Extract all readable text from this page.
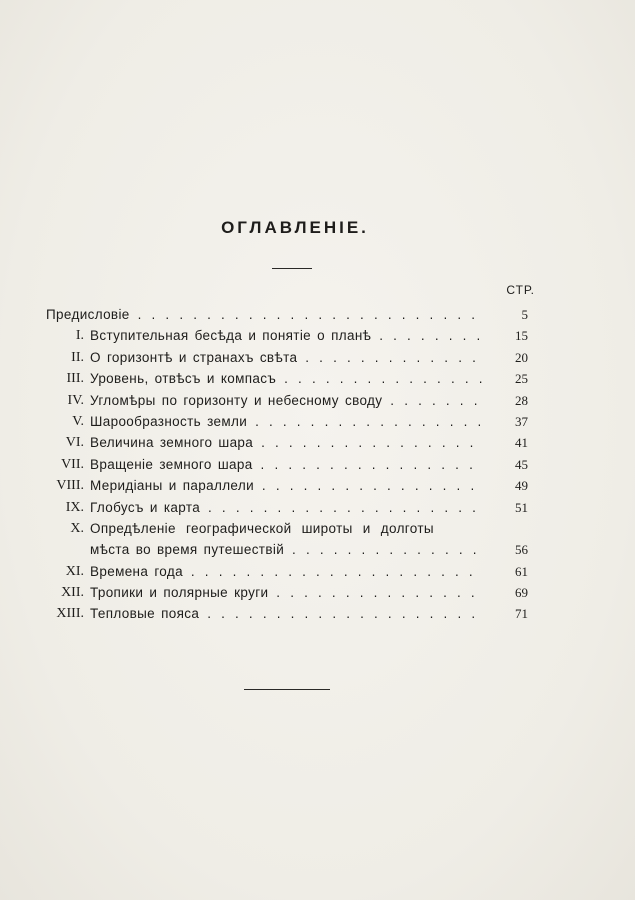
ОГЛАВЛЕНІЕ.
СТР.
Предисловіе . . .	5
I. Вступительная бесѣда и понятіе о планѣ . . .	15
II. О горизонтѣ и странахъ свѣта . . .	20
III. Уровень, отвѣсъ и компасъ . . .	25
IV. Угломѣры по горизонту и небесному своду . . .	28
V. Шарообразность земли . . .	37
VI. Величина земного шара . . .	41
VII. Вращеніе земного шара . . .	45
VIII. Меридіаны и параллели . . .	49
IX. Глобусъ и карта . . .	51
X. Опредѣленіе географической широты и долготы
мѣста во время путешествій . . .	56
XI. Времена года . . .	61
XII. Тропики и полярные круги . . .	69
XIII. Тепловые пояса . . .	71
